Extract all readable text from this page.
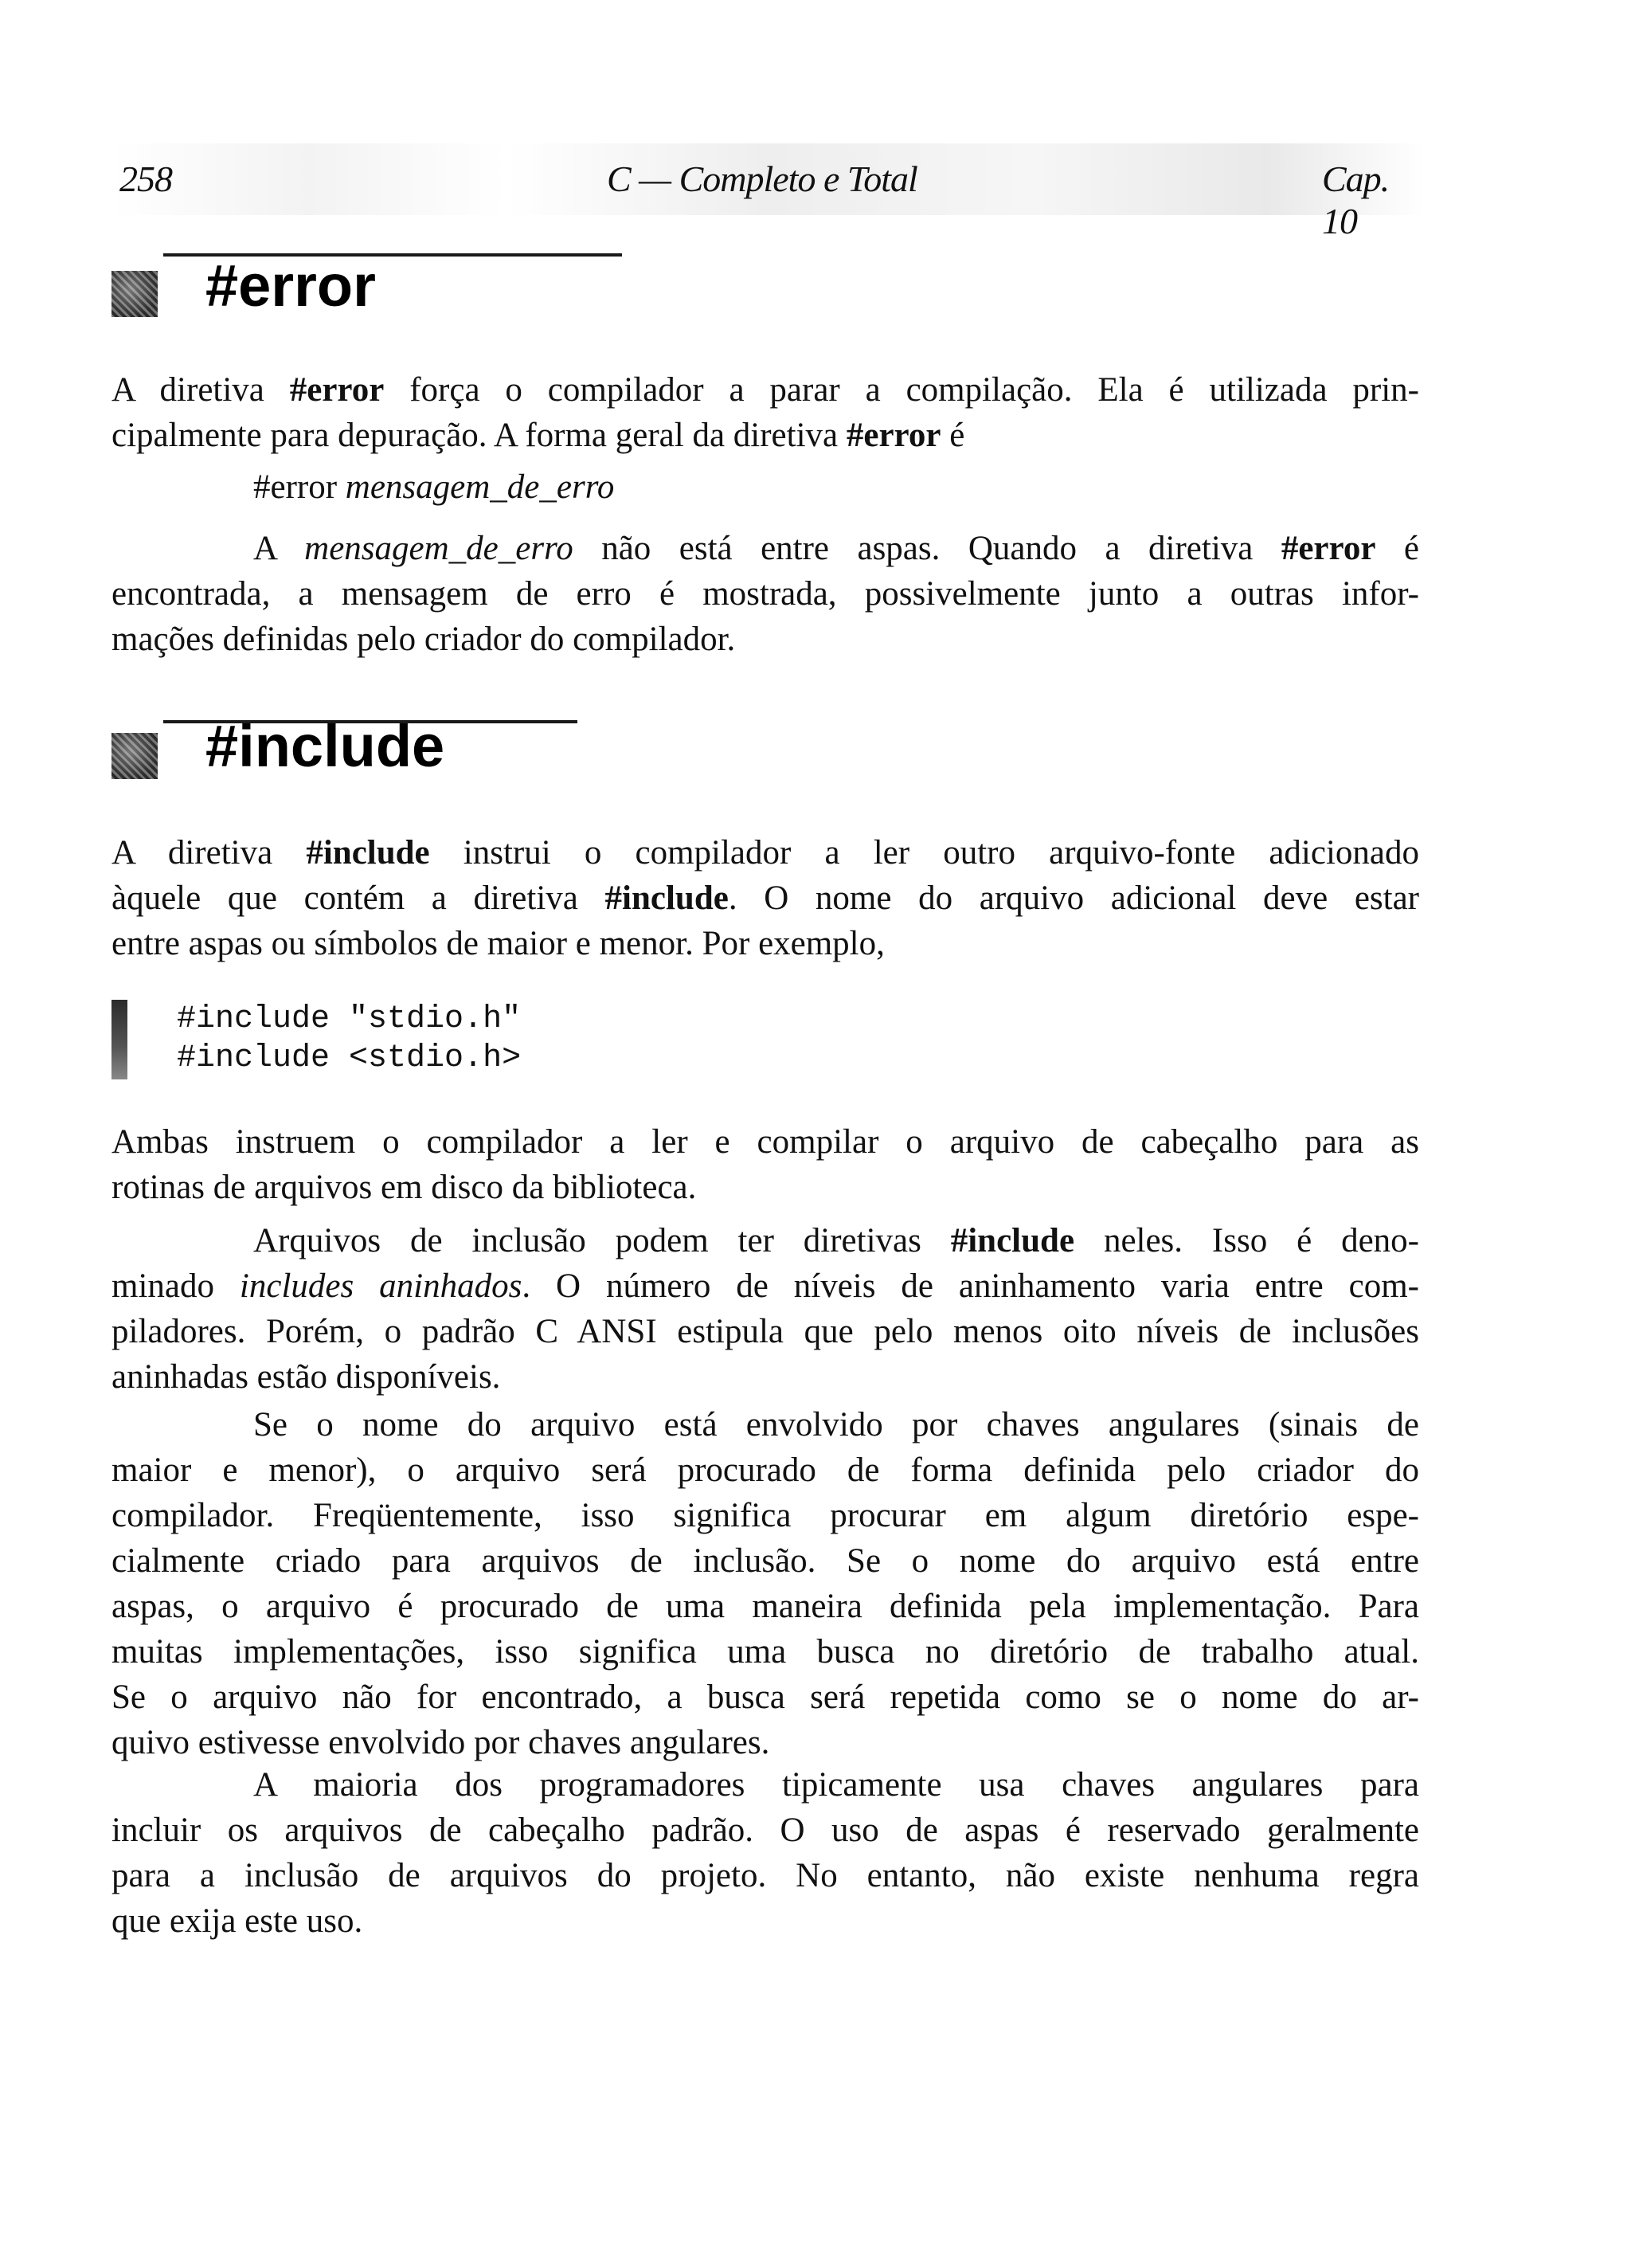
258	C — Completo e Total	Cap. 10
#error
A diretiva #error força o compilador a parar a compilação. Ela é utilizada prin-
cipalmente para depuração. A forma geral da diretiva #error é
#error mensagem_de_erro
A mensagem_de_erro não está entre aspas. Quando a diretiva #error é
encontrada, a mensagem de erro é mostrada, possivelmente junto a outras infor-
mações definidas pelo criador do compilador.
#include
A diretiva #include instrui o compilador a ler outro arquivo-fonte adicionado
àquele que contém a diretiva #include. O nome do arquivo adicional deve estar
entre aspas ou símbolos de maior e menor. Por exemplo,
#include "stdio.h"
#include <stdio.h>
Ambas instruem o compilador a ler e compilar o arquivo de cabeçalho para as
rotinas de arquivos em disco da biblioteca.
Arquivos de inclusão podem ter diretivas #include neles. Isso é deno-
minado includes aninhados. O número de níveis de aninhamento varia entre com-
piladores. Porém, o padrão C ANSI estipula que pelo menos oito níveis de inclusões
aninhadas estão disponíveis.
Se o nome do arquivo está envolvido por chaves angulares (sinais de
maior e menor), o arquivo será procurado de forma definida pelo criador do
compilador. Freqüentemente, isso significa procurar em algum diretório espe-
cialmente criado para arquivos de inclusão. Se o nome do arquivo está entre
aspas, o arquivo é procurado de uma maneira definida pela implementação. Para
muitas implementações, isso significa uma busca no diretório de trabalho atual.
Se o arquivo não for encontrado, a busca será repetida como se o nome do ar-
quivo estivesse envolvido por chaves angulares.
A maioria dos programadores tipicamente usa chaves angulares para
incluir os arquivos de cabeçalho padrão. O uso de aspas é reservado geralmente
para a inclusão de arquivos do projeto. No entanto, não existe nenhuma regra
que exija este uso.
